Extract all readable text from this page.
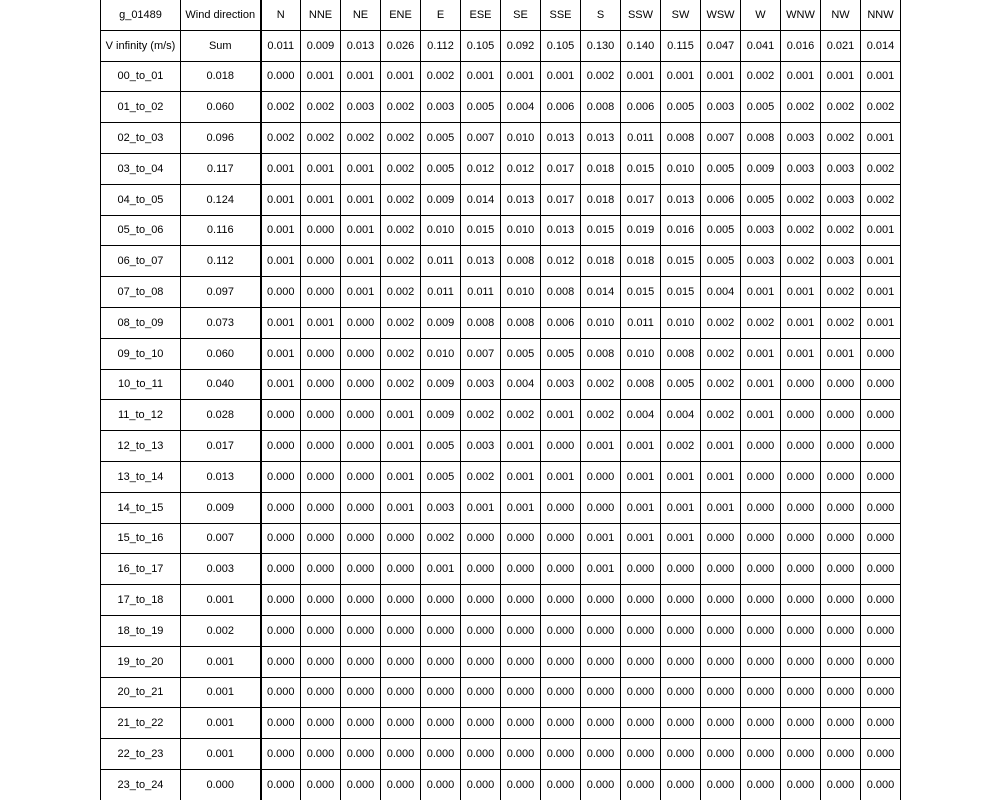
g_01489	Wind direction	N	NNE	NE	ENE	E	ESE	SE	SSE	S	SSW	SW	WSW	W	WNW	NW	NNW
V infinity (m/s)	Sum	0.011	0.009	0.013	0.026	0.112	0.105	0.092	0.105	0.130	0.140	0.115	0.047	0.041	0.016	0.021	0.014
00_to_01	0.018	0.000	0.001	0.001	0.001	0.002	0.001	0.001	0.001	0.002	0.001	0.001	0.001	0.002	0.001	0.001	0.001
01_to_02	0.060	0.002	0.002	0.003	0.002	0.003	0.005	0.004	0.006	0.008	0.006	0.005	0.003	0.005	0.002	0.002	0.002
02_to_03	0.096	0.002	0.002	0.002	0.002	0.005	0.007	0.010	0.013	0.013	0.011	0.008	0.007	0.008	0.003	0.002	0.001
03_to_04	0.117	0.001	0.001	0.001	0.002	0.005	0.012	0.012	0.017	0.018	0.015	0.010	0.005	0.009	0.003	0.003	0.002
04_to_05	0.124	0.001	0.001	0.001	0.002	0.009	0.014	0.013	0.017	0.018	0.017	0.013	0.006	0.005	0.002	0.003	0.002
05_to_06	0.116	0.001	0.000	0.001	0.002	0.010	0.015	0.010	0.013	0.015	0.019	0.016	0.005	0.003	0.002	0.002	0.001
06_to_07	0.112	0.001	0.000	0.001	0.002	0.011	0.013	0.008	0.012	0.018	0.018	0.015	0.005	0.003	0.002	0.003	0.001
07_to_08	0.097	0.000	0.000	0.001	0.002	0.011	0.011	0.010	0.008	0.014	0.015	0.015	0.004	0.001	0.001	0.002	0.001
08_to_09	0.073	0.001	0.001	0.000	0.002	0.009	0.008	0.008	0.006	0.010	0.011	0.010	0.002	0.002	0.001	0.002	0.001
09_to_10	0.060	0.001	0.000	0.000	0.002	0.010	0.007	0.005	0.005	0.008	0.010	0.008	0.002	0.001	0.001	0.001	0.000
10_to_11	0.040	0.001	0.000	0.000	0.002	0.009	0.003	0.004	0.003	0.002	0.008	0.005	0.002	0.001	0.000	0.000	0.000
11_to_12	0.028	0.000	0.000	0.000	0.001	0.009	0.002	0.002	0.001	0.002	0.004	0.004	0.002	0.001	0.000	0.000	0.000
12_to_13	0.017	0.000	0.000	0.000	0.001	0.005	0.003	0.001	0.000	0.001	0.001	0.002	0.001	0.000	0.000	0.000	0.000
13_to_14	0.013	0.000	0.000	0.000	0.001	0.005	0.002	0.001	0.001	0.000	0.001	0.001	0.001	0.000	0.000	0.000	0.000
14_to_15	0.009	0.000	0.000	0.000	0.001	0.003	0.001	0.001	0.000	0.000	0.001	0.001	0.001	0.000	0.000	0.000	0.000
15_to_16	0.007	0.000	0.000	0.000	0.000	0.002	0.000	0.000	0.000	0.001	0.001	0.001	0.000	0.000	0.000	0.000	0.000
16_to_17	0.003	0.000	0.000	0.000	0.000	0.001	0.000	0.000	0.000	0.001	0.000	0.000	0.000	0.000	0.000	0.000	0.000
17_to_18	0.001	0.000	0.000	0.000	0.000	0.000	0.000	0.000	0.000	0.000	0.000	0.000	0.000	0.000	0.000	0.000	0.000
18_to_19	0.002	0.000	0.000	0.000	0.000	0.000	0.000	0.000	0.000	0.000	0.000	0.000	0.000	0.000	0.000	0.000	0.000
19_to_20	0.001	0.000	0.000	0.000	0.000	0.000	0.000	0.000	0.000	0.000	0.000	0.000	0.000	0.000	0.000	0.000	0.000
20_to_21	0.001	0.000	0.000	0.000	0.000	0.000	0.000	0.000	0.000	0.000	0.000	0.000	0.000	0.000	0.000	0.000	0.000
21_to_22	0.001	0.000	0.000	0.000	0.000	0.000	0.000	0.000	0.000	0.000	0.000	0.000	0.000	0.000	0.000	0.000	0.000
22_to_23	0.001	0.000	0.000	0.000	0.000	0.000	0.000	0.000	0.000	0.000	0.000	0.000	0.000	0.000	0.000	0.000	0.000
23_to_24	0.000	0.000	0.000	0.000	0.000	0.000	0.000	0.000	0.000	0.000	0.000	0.000	0.000	0.000	0.000	0.000	0.000
